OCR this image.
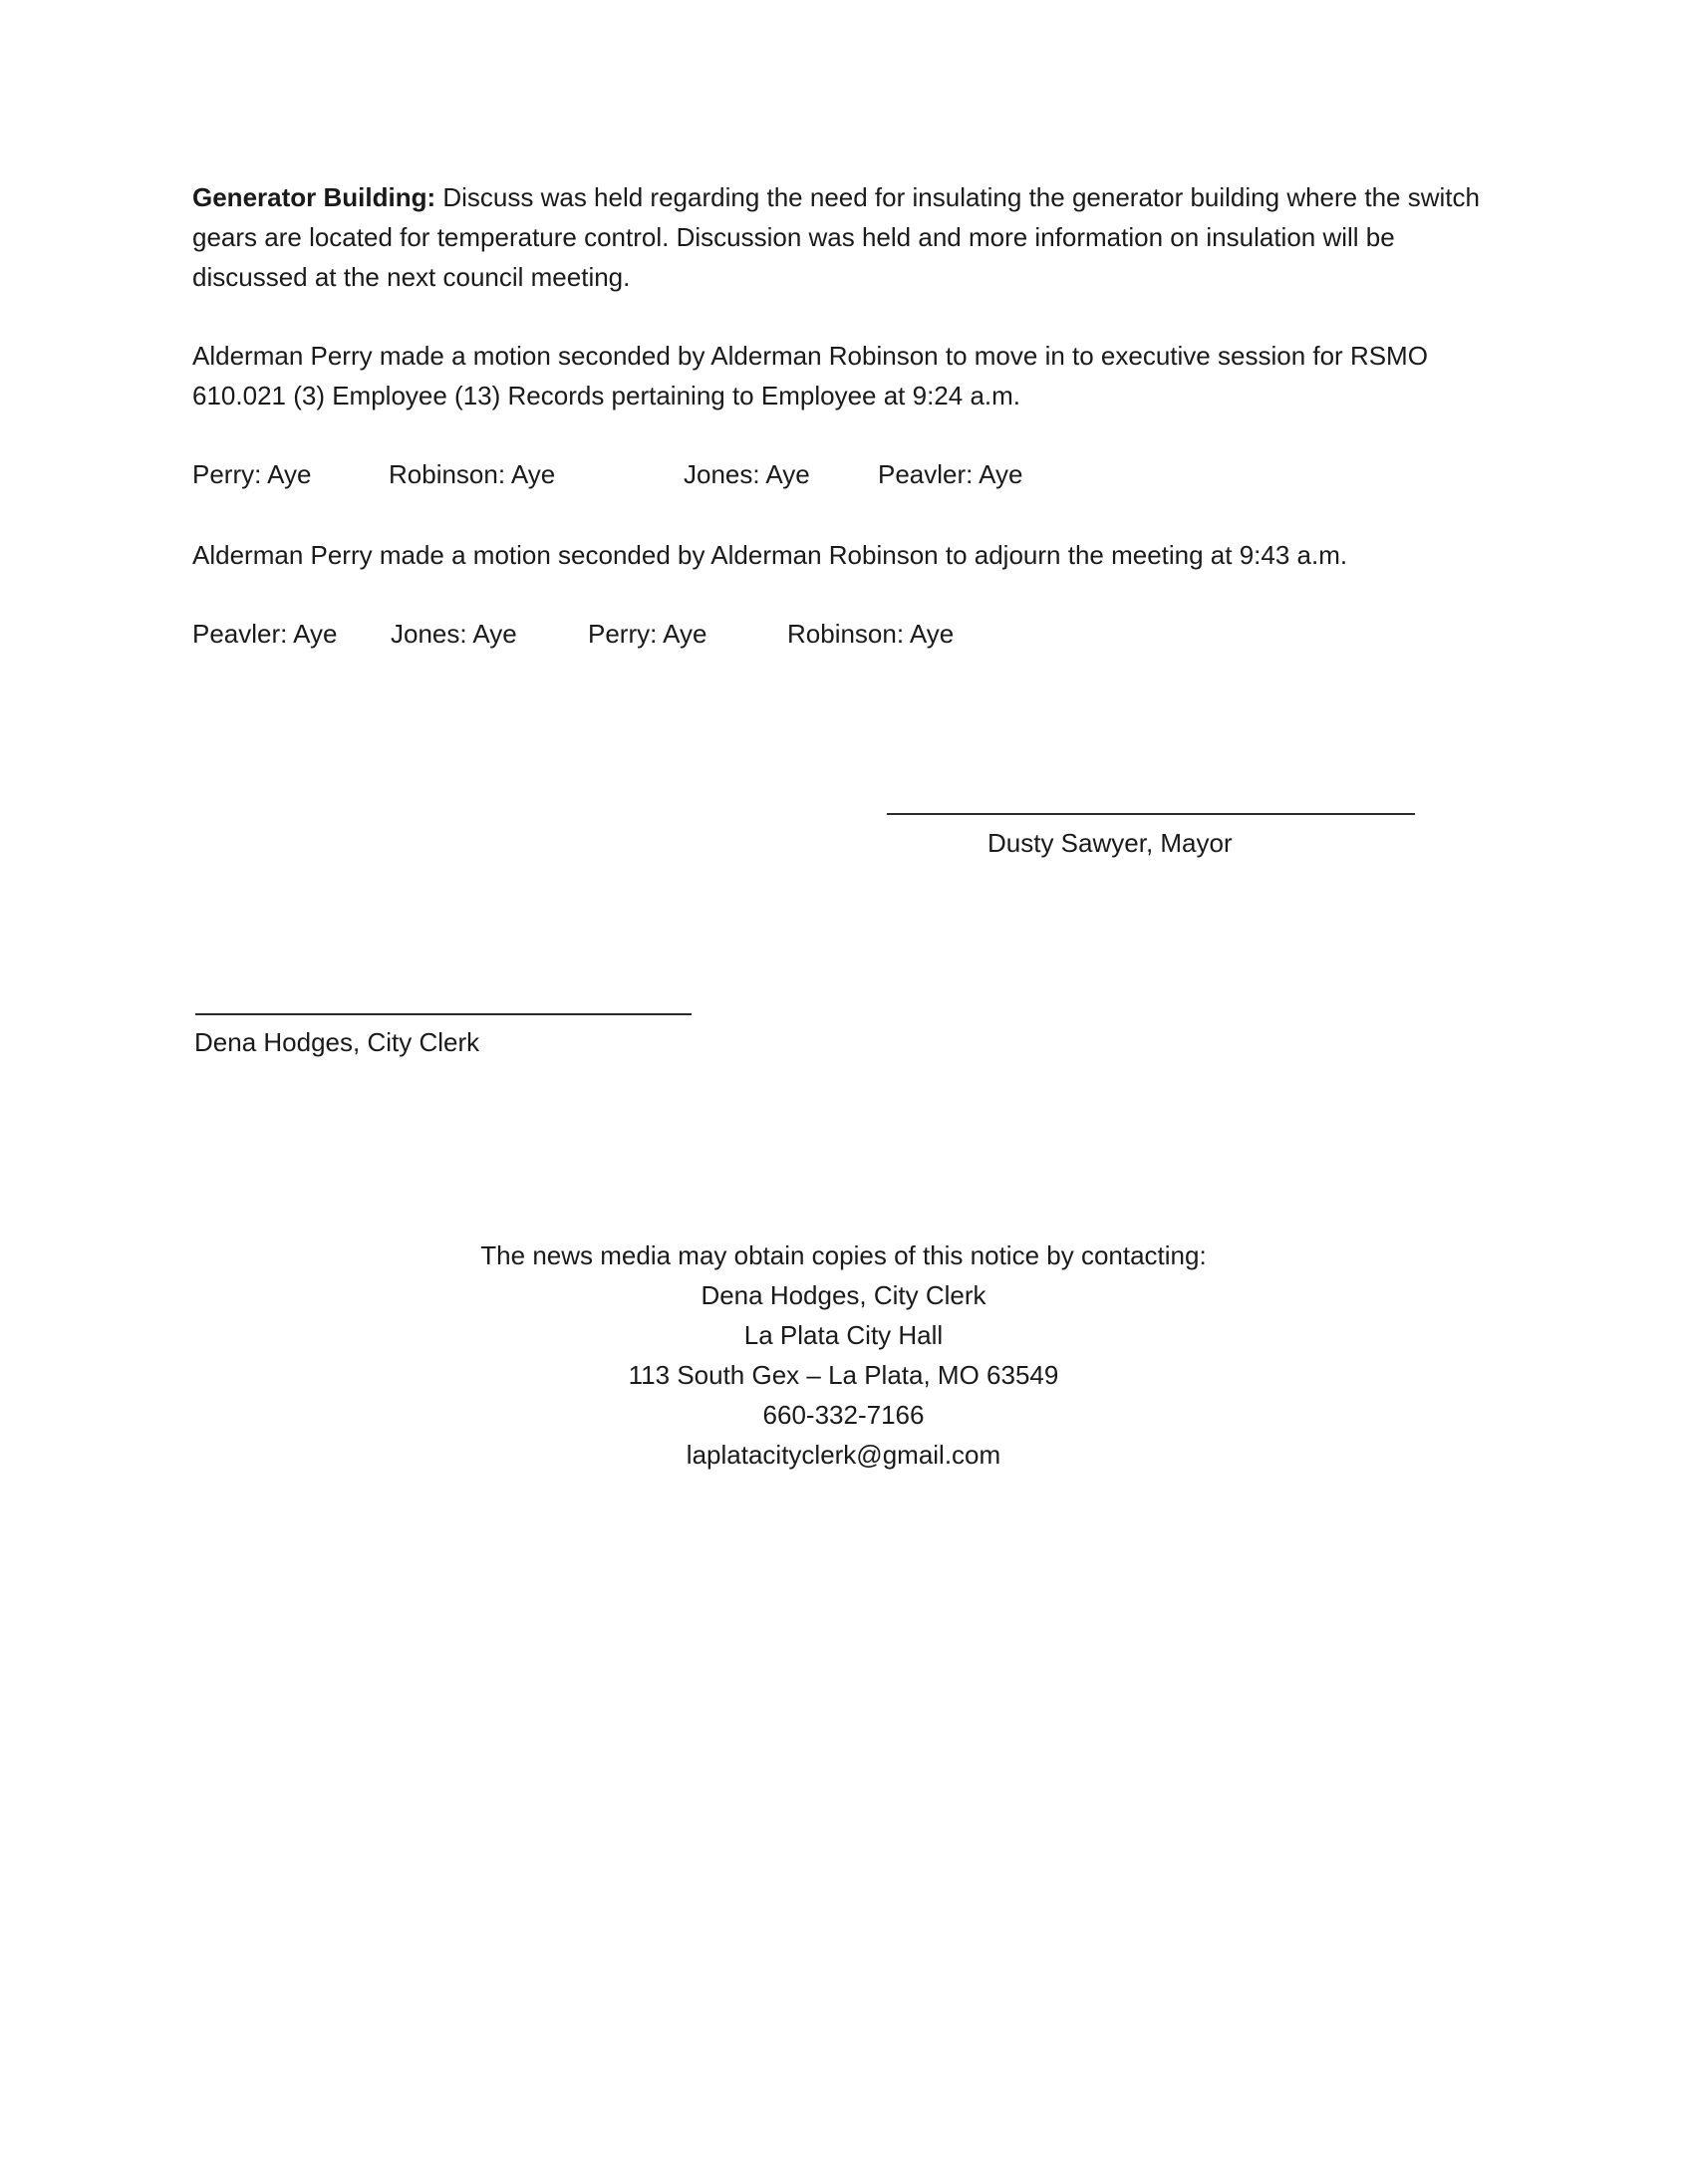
Generator Building: Discuss was held regarding the need for insulating the generator building where the switch gears are located for temperature control. Discussion was held and more information on insulation will be discussed at the next council meeting.

Alderman Perry made a motion seconded by Alderman Robinson to move in to executive session for RSMO 610.021 (3) Employee (13) Records pertaining to Employee at 9:24 a.m.

Perry: Aye	Robinson: Aye	Jones: Aye	Peavler: Aye

Alderman Perry made a motion seconded by Alderman Robinson to adjourn the meeting at 9:43 a.m.

Peavler: Aye Jones: Aye	Perry: Aye	Robinson: Aye
Dusty Sawyer, Mayor
Dena Hodges, City Clerk
The news media may obtain copies of this notice by contacting:
Dena Hodges, City Clerk
La Plata City Hall
113 South Gex – La Plata, MO 63549
660-332-7166
laplatacityclerk@gmail.com
